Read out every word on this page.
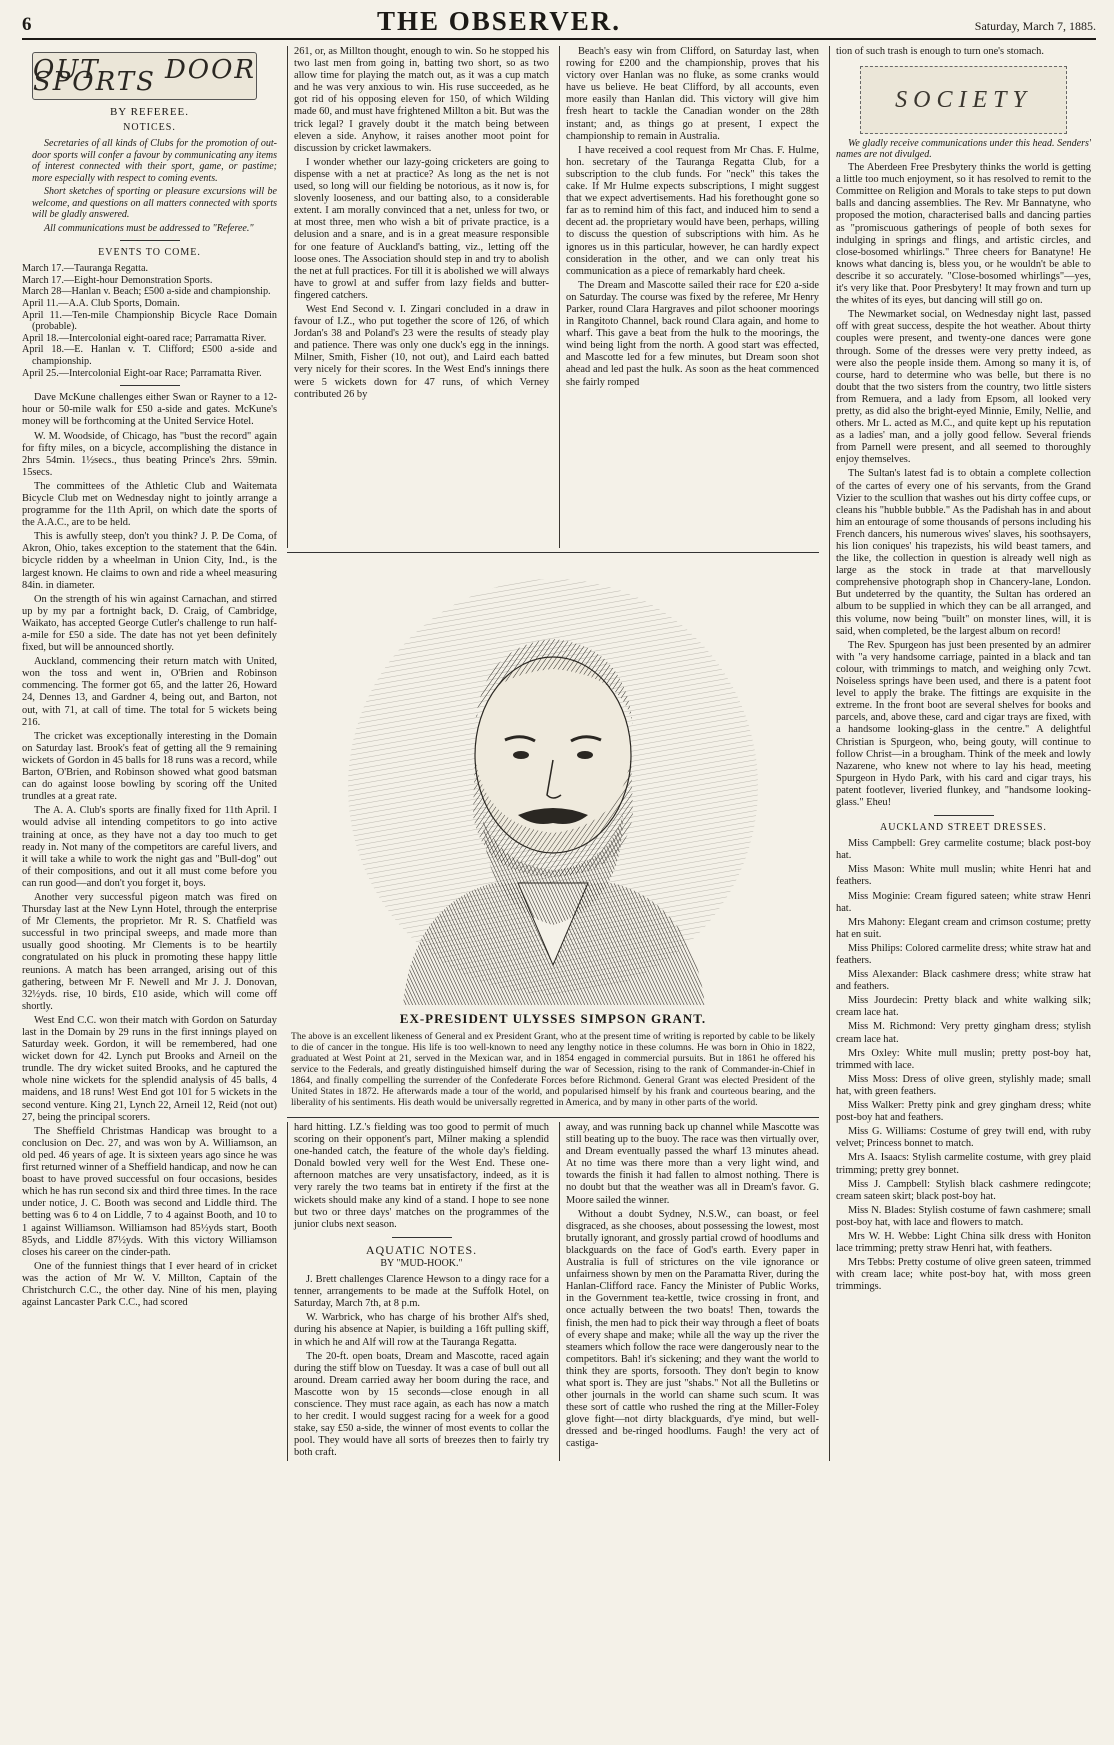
6	THE OBSERVER.	Saturday, March 7, 1885.
OUT DOOR SPORTS
BY REFEREE.
NOTICES.

Secretaries of all kinds of Clubs for the promotion of out-door sports will confer a favour by communicating any items of interest connected with their sport, game, or pastime; more especially with respect to coming events.

Short sketches of sporting or pleasure excursions will be welcome, and questions on all matters connected with sports will be gladly answered.

All communications must be addressed to "Referee."

EVENTS TO COME.
March 17.—Tauranga Regatta.
March 17.—Eight-hour Demonstration Sports.
March 28—Hanlan v. Beach; £500 a-side and championship.
April 11.—A.A. Club Sports, Domain.
April 11.—Ten-mile Championship Bicycle Race Domain (probable).
April 18.—Intercolonial eight-oared race; Parramatta River.
April 18.—E. Hanlan v. T. Clifford; £500 a-side and championship.
April 25.—Intercolonial Eight-oar Race; Parramatta River.

Dave McKune challenges either Swan or Rayner to a 12-hour or 50-mile walk for £50 a-side and gates. McKune's money will be forthcoming at the United Service Hotel.

W. M. Woodside, of Chicago, has "bust the record" again for fifty miles, on a bicycle, accomplishing the distance in 2hrs 54min. 1½secs., thus beating Prince's 2hrs. 59min. 15secs.

The committees of the Athletic Club and Waitemata Bicycle Club met on Wednesday night to jointly arrange a programme for the 11th April, on which date the sports of the A.A.C., are to be held.

This is awfully steep, don't you think? J. P. De Coma, of Akron, Ohio, takes exception to the statement that the 64in. bicycle ridden by a wheelman in Union City, Ind., is the largest known. He claims to own and ride a wheel measuring 84in. in diameter.

On the strength of his win against Carnachan, and stirred up by my par a fortnight back, D. Craig, of Cambridge, Waikato, has accepted George Cutler's challenge to run half-a-mile for £50 a side. The date has not yet been definitely fixed, but will be announced shortly.

Auckland, commencing their return match with United, won the toss and went in, O'Brien and Robinson commencing. The former got 65, and the latter 26, Howard 24, Dennes 13, and Gardner 4, being out, and Barton, not out, with 71, at call of time. The total for 5 wickets being 216.

The cricket was exceptionally interesting in the Domain on Saturday last. Brook's feat of getting all the 9 remaining wickets of Gordon in 45 balls for 18 runs was a record, while Barton, O'Brien, and Robinson showed what good batsman can do against loose bowling by scoring off the United trundles at a great rate.

The A. A. Club's sports are finally fixed for 11th April. I would advise all intending competitors to go into active training at once, as they have not a day too much to get ready in. Not many of the competitors are careful livers, and it will take a while to work the night gas and "Bull-dog" out of their compositions, and out it all must come before you can run good—and don't you forget it, boys.

Another very successful pigeon match was fired on Thursday last at the New Lynn Hotel, through the enterprise of Mr Clements, the proprietor. Mr R. S. Chatfield was successful in two principal sweeps, and made more than usually good shooting. Mr Clements is to be heartily congratulated on his pluck in promoting these happy little reunions. A match has been arranged, arising out of this gathering, between Mr F. Newell and Mr J. J. Donovan, 32½yds. rise, 10 birds, £10 aside, which will come off shortly.

West End C.C. won their match with Gordon on Saturday last in the Domain by 29 runs in the first innings played on Saturday week. Gordon, it will be remembered, had one wicket down for 42. Lynch put Brooks and Arneil on the trundle. The dry wicket suited Brooks, and he captured the whole nine wickets for the splendid analysis of 45 balls, 4 maidens, and 18 runs! West End got 101 for 5 wickets in the second venture. King 21, Lynch 22, Arneil 12, Reid (not out) 27, being the principal scorers.

The Sheffield Christmas Handicap was brought to a conclusion on Dec. 27, and was won by A. Williamson, an old ped. 46 years of age. It is sixteen years ago since he was first returned winner of a Sheffield handicap, and now he can boast to have proved successful on four occasions, besides which he has run second six and third three times. In the race under notice, J. C. Booth was second and Liddle third. The betting was 6 to 4 on Liddle, 7 to 4 against Booth, and 10 to 1 against Williamson. Williamson had 85½yds start, Booth 85yds, and Liddle 87½yds. With this victory Williamson closes his career on the cinder-path.

One of the funniest things that I ever heard of in cricket was the action of Mr W. V. Millton, Captain of the Christchurch C.C., the other day. Nine of his men, playing against Lancaster Park C.C., had scored

261, or, as Millton thought, enough to win. So he stopped his two last men from going in, batting two short, so as two allow time for playing the match out, as it was a cup match and he was very anxious to win. His ruse succeeded, as he got rid of his opposing eleven for 150, of which Wilding made 60, and must have frightened Millton a bit. But was the trick legal? I gravely doubt it the match being between eleven a side. Anyhow, it raises another moot point for discussion by cricket lawmakers.

I wonder whether our lazy-going cricketers are going to dispense with a net at practice? As long as the net is not used, so long will our fielding be notorious, as it now is, for slovenly looseness, and our batting also, to a considerable extent. I am morally convinced that a net, unless for two, or at most three, men who wish a bit of private practice, is a delusion and a snare, and is in a great measure responsible for one feature of Auckland's batting, viz., letting off the loose ones. The Association should step in and try to abolish the net at full practices. For till it is abolished we will always have to growl at and suffer from lazy fields and butter-fingered catchers.

West End Second v. I. Zingari concluded in a draw in favour of I.Z., who put together the score of 126, of which Jordan's 38 and Poland's 23 were the results of steady play and patience. There was only one duck's egg in the innings. Milner, Smith, Fisher (10, not out), and Laird each batted very nicely for their scores. In the West End's innings there were 5 wickets down for 47 runs, of which Verney contributed 26 by

Beach's easy win from Clifford, on Saturday last, when rowing for £200 and the championship, proves that his victory over Hanlan was no fluke, as some cranks would have us believe. He beat Clifford, by all accounts, even more easily than Hanlan did. This victory will give him fresh heart to tackle the Canadian wonder on the 28th instant; and, as things go at present, I expect the championship to remain in Australia.

I have received a cool request from Mr Chas. F. Hulme, hon. secretary of the Tauranga Regatta Club, for a subscription to the club funds. For "neck" this takes the cake. If Mr Hulme expects subscriptions, I might suggest that we expect advertisements. Had his forethought gone so far as to remind him of this fact, and induced him to send a decent ad. the proprietary would have been, perhaps, willing to discuss the question of subscriptions with him. As he ignores us in this particular, however, he can hardly expect consideration in the other, and we can only treat his communication as a piece of remarkably hard cheek.

The Dream and Mascotte sailed their race for £20 a-side on Saturday. The course was fixed by the referee, Mr Henry Parker, round Clara Hargraves and pilot schooner moorings in Rangitoto Channel, back round Clara again, and home to wharf. This gave a beat from the hulk to the moorings, the wind being light from the north. A good start was effected, and Mascotte led for a few minutes, but Dream soon shot ahead and led past the hulk. As soon as the heat commenced she fairly romped

tion of such trash is enough to turn one's stomach.

SOCIETY

We gladly receive communications under this head. Senders' names are not divulged.

The Aberdeen Free Presbytery thinks the world is getting a little too much enjoyment, so it has resolved to remit to the Committee on Religion and Morals to take steps to put down balls and dancing assemblies. The Rev. Mr Bannatyne, who proposed the motion, characterised balls and dancing parties as "promiscuous gatherings of people of both sexes for indulging in springs and flings, and artistic circles, and close-bosomed whirlings." Three cheers for Banatyne! He knows what dancing is, bless you, or he wouldn't be able to describe it so accurately. "Close-bosomed whirlings"—yes, it's very like that. Poor Presbytery! It may frown and turn up the whites of its eyes, but dancing will still go on.

The Newmarket social, on Wednesday night last, passed off with great success, despite the hot weather. About thirty couples were present, and twenty-one dances were gone through. Some of the dresses were very pretty indeed, as were also the people inside them. Among so many it is, of course, hard to determine who was belle, but there is no doubt that the two sisters from the country, two little sisters from Remuera, and a lady from Epsom, all looked very pretty, as did also the bright-eyed Minnie, Emily, Nellie, and others. Mr L. acted as M.C., and quite kept up his reputation as a ladies' man, and a jolly good fellow. Several friends from Parnell were present, and all seemed to thoroughly enjoy themselves.

The Sultan's latest fad is to obtain a complete collection of the cartes of every one of his servants, from the Grand Vizier to the scullion that washes out his dirty coffee cups, or cleans his "hubble bubble." As the Padishah has in and about him an entourage of some thousands of persons including his French dancers, his numerous wives' slaves, his soothsayers, his lion coniques' his trapezists, his wild beast tamers, and the like, the collection in question is already well nigh as large as the stock in trade at that marvellously comprehensive photograph shop in Chancery-lane, London. But undeterred by the quantity, the Sultan has ordered an album to be supplied in which they can be all arranged, and this volume, now being "built" on monster lines, will, it is said, when completed, be the largest album on record!

The Rev. Spurgeon has just been presented by an admirer with "a very handsome carriage, painted in a black and tan colour, with trimmings to match, and weighing only 7cwt. Noiseless springs have been used, and there is a patent foot level to apply the brake. The fittings are exquisite in the extreme. In the front boot are several shelves for books and parcels, and, above these, card and cigar trays are fixed, with a handsome looking-glass in the centre." A delightful Christian is Spurgeon, who, being gouty, will continue to follow Christ—in a brougham. Think of the meek and lowly Nazarene, who knew not where to lay his head, meeting Spurgeon in Hydo Park, with his card and cigar trays, his patent footlever, liveried flunkey, and "handsome looking-glass." Eheu!

AUCKLAND STREET DRESSES.

Miss Campbell: Grey carmelite costume; black post-boy hat.

Miss Mason: White mull muslin; white Henri hat and feathers.

Miss Moginie: Cream figured sateen; white straw Henri hat.

Mrs Mahony: Elegant cream and crimson costume; pretty hat en suit.

Miss Philips: Colored carmelite dress; white straw hat and feathers.

Miss Alexander: Black cashmere dress; white straw hat and feathers.

Miss Jourdecin: Pretty black and white walking silk; cream lace hat.

Miss M. Richmond: Very pretty gingham dress; stylish cream lace hat.

Mrs Oxley: White mull muslin; pretty post-boy hat, trimmed with lace.

Miss Moss: Dress of olive green, stylishly made; small hat, with green feathers.

Miss Walker: Pretty pink and grey gingham dress; white post-boy hat and feathers.

Miss G. Williams: Costume of grey twill end, with ruby velvet; Princess bonnet to match.

Mrs A. Isaacs: Stylish carmelite costume, with grey plaid trimming; pretty grey bonnet.

Miss J. Campbell: Stylish black cashmere redingcote; cream sateen skirt; black post-boy hat.

Miss N. Blades: Stylish costume of fawn cashmere; small post-boy hat, with lace and flowers to match.

Mrs W. H. Webbe: Light China silk dress with Honiton lace trimming; pretty straw Henri hat, with feathers.

Mrs Tebbs: Pretty costume of olive green sateen, trimmed with cream lace; white post-boy hat, with moss green trimmings.

EX-PRESIDENT ULYSSES SIMPSON GRANT.
The above is an excellent likeness of General and ex President Grant, who at the present time of writing is reported by cable to be likely to die of cancer in the tongue. His life is too well-known to need any lengthy notice in these columns. He was born in Ohio in 1822, graduated at West Point at 21, served in the Mexican war, and in 1854 engaged in commercial pursuits. But in 1861 he offered his service to the Federals, and greatly distinguished himself during the war of Secession, rising to the rank of Commander-in-Chief in 1864, and finally compelling the surrender of the Confederate Forces before Richmond. General Grant was elected President of the United States in 1872. He afterwards made a tour of the world, and popularised himself by his frank and courteous bearing, and the liberality of his sentiments. His death would be universally regretted in America, and by many in other parts of the world.

hard hitting. I.Z.'s fielding was too good to permit of much scoring on their opponent's part, Milner making a splendid one-handed catch, the feature of the whole day's fielding. Donald bowled very well for the West End. These one-afternoon matches are very unsatisfactory, indeed, as it is very rarely the two teams bat in entirety if the first at the wickets should make any kind of a stand. I hope to see none but two or three days' matches on the programmes of the junior clubs next season.

AQUATIC NOTES.
BY "MUD-HOOK."

J. Brett challenges Clarence Hewson to a dingy race for a tenner, arrangements to be made at the Suffolk Hotel, on Saturday, March 7th, at 8 p.m.

W. Warbrick, who has charge of his brother Alf's shed, during his absence at Napier, is building a 16ft pulling skiff, in which he and Alf will row at the Tauranga Regatta.

The 20-ft. open boats, Dream and Mascotte, raced again during the stiff blow on Tuesday. It was a case of bull out all around. Dream carried away her boom during the race, and Mascotte won by 15 seconds—close enough in all conscience. They must race again, as each has now a match to her credit. I would suggest racing for a week for a good stake, say £50 a-side, the winner of most events to collar the pool. They would have all sorts of breezes then to fairly try both craft.

away, and was running back up channel while Mascotte was still beating up to the buoy. The race was then virtually over, and Dream eventually passed the wharf 13 minutes ahead. At no time was there more than a very light wind, and towards the finish it had fallen to almost nothing. There is no doubt but that the weather was all in Dream's favor. G. Moore sailed the winner.

Without a doubt Sydney, N.S.W., can boast, or feel disgraced, as she chooses, about possessing the lowest, most brutally ignorant, and grossly partial crowd of hoodlums and blackguards on the face of God's earth. Every paper in Australia is full of strictures on the vile ignorance or unfairness shown by men on the Paramatta River, during the Hanlan-Clifford race. Fancy the Minister of Public Works, in the Government tea-kettle, twice crossing in front, and once actually between the two boats! Then, towards the finish, the men had to pick their way through a fleet of boats of every shape and make; while all the way up the river the steamers which follow the race were dangerously near to the competitors. Bah! it's sickening; and they want the world to think they are sports, forsooth. They don't begin to know what sport is. They are just "shabs." Not all the Bulletins or other journals in the world can shame such scum. It was these sort of cattle who rushed the ring at the Miller-Foley glove fight—not dirty blackguards, d'ye mind, but well-dressed and be-ringed hoodlums. Faugh! the very act of castiga-
